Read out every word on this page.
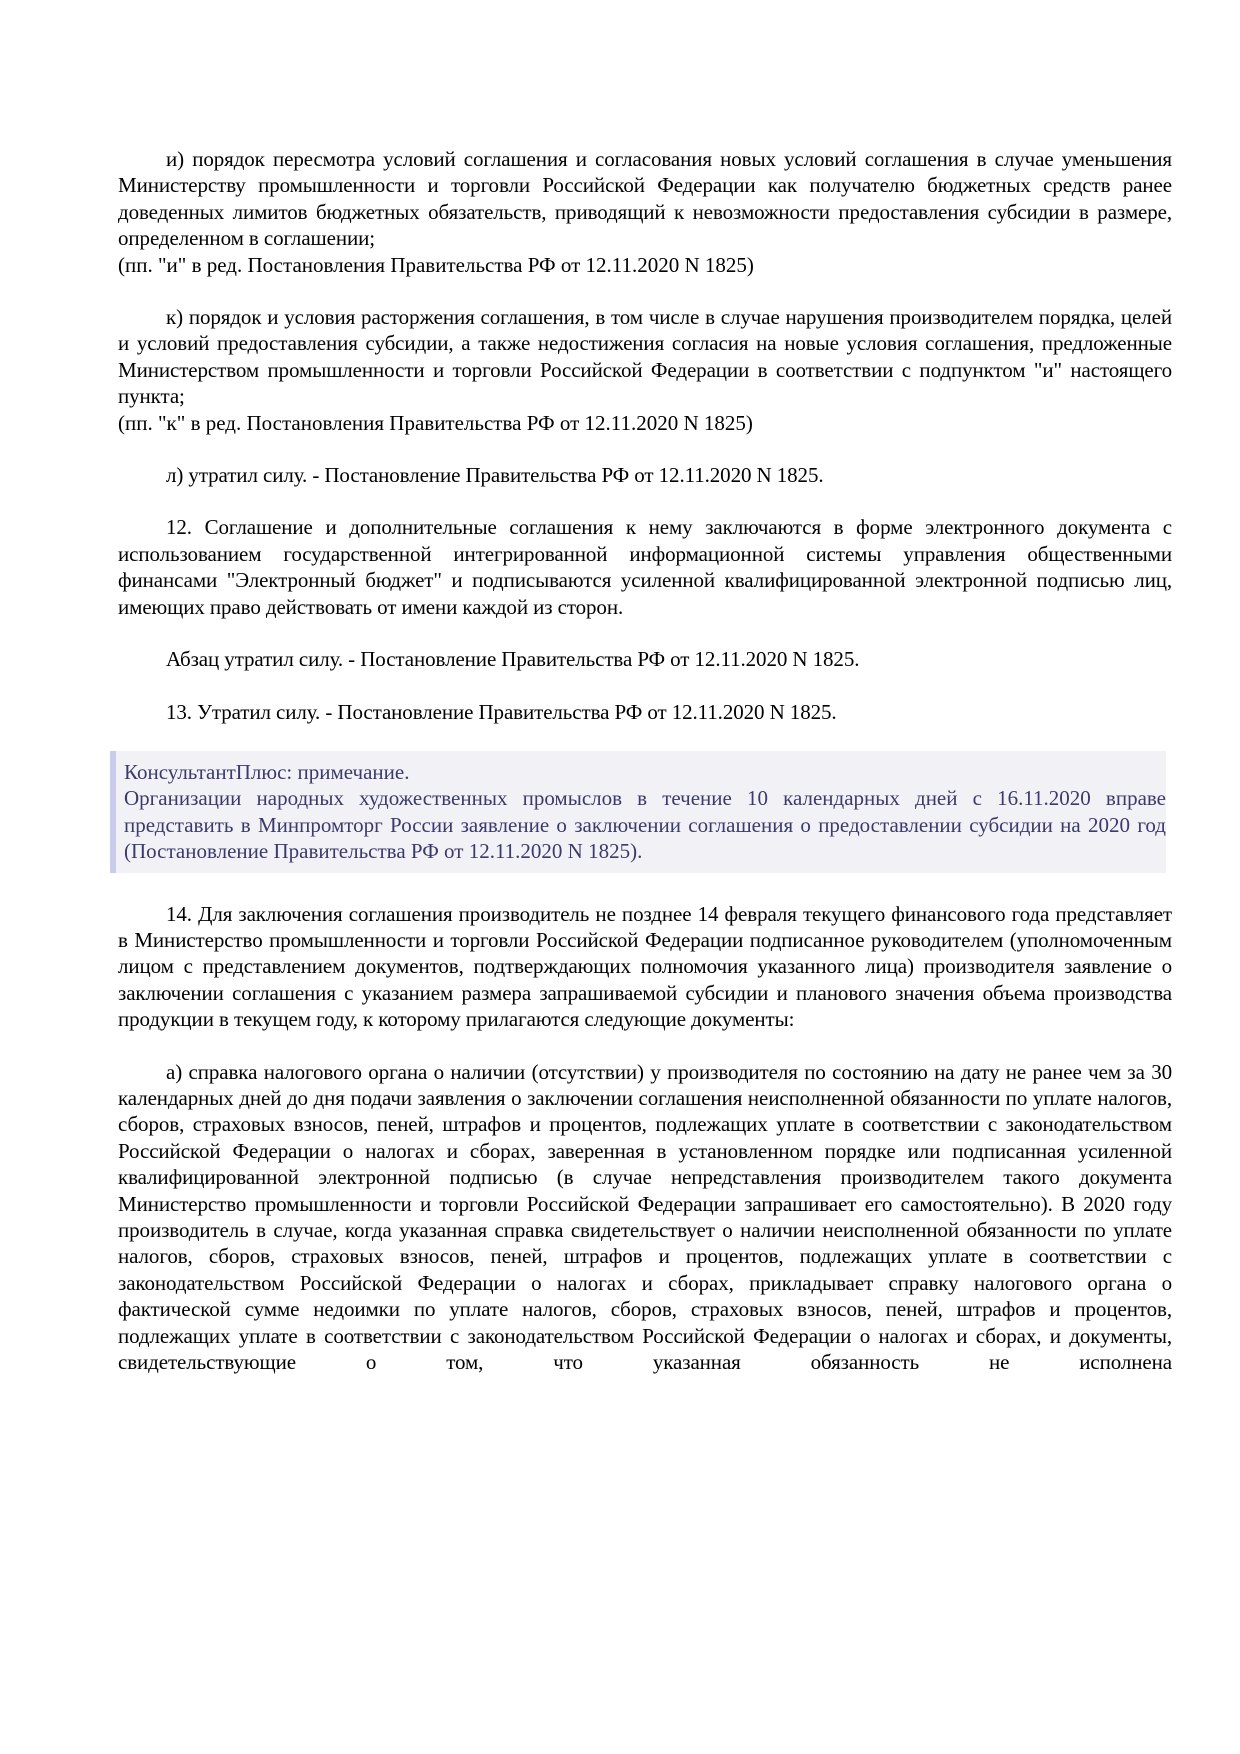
и) порядок пересмотра условий соглашения и согласования новых условий соглашения в случае уменьшения Министерству промышленности и торговли Российской Федерации как получателю бюджетных средств ранее доведенных лимитов бюджетных обязательств, приводящий к невозможности предоставления субсидии в размере, определенном в соглашении;

(пп. "и" в ред. Постановления Правительства РФ от 12.11.2020 N 1825)

к) порядок и условия расторжения соглашения, в том числе в случае нарушения производителем порядка, целей и условий предоставления субсидии, а также недостижения согласия на новые условия соглашения, предложенные Министерством промышленности и торговли Российской Федерации в соответствии с подпунктом "и" настоящего пункта;

(пп. "к" в ред. Постановления Правительства РФ от 12.11.2020 N 1825)

л) утратил силу. - Постановление Правительства РФ от 12.11.2020 N 1825.

12. Соглашение и дополнительные соглашения к нему заключаются в форме электронного документа с использованием государственной интегрированной информационной системы управления общественными финансами "Электронный бюджет" и подписываются усиленной квалифицированной электронной подписью лиц, имеющих право действовать от имени каждой из сторон.

Абзац утратил силу. - Постановление Правительства РФ от 12.11.2020 N 1825.

13. Утратил силу. - Постановление Правительства РФ от 12.11.2020 N 1825.

КонсультантПлюс: примечание.

Организации народных художественных промыслов в течение 10 календарных дней с 16.11.2020 вправе представить в Минпромторг России заявление о заключении соглашения о предоставлении субсидии на 2020 год (Постановление Правительства РФ от 12.11.2020 N 1825).

14. Для заключения соглашения производитель не позднее 14 февраля текущего финансового года представляет в Министерство промышленности и торговли Российской Федерации подписанное руководителем (уполномоченным лицом с представлением документов, подтверждающих полномочия указанного лица) производителя заявление о заключении соглашения с указанием размера запрашиваемой субсидии и планового значения объема производства продукции в текущем году, к которому прилагаются следующие документы:

а) справка налогового органа о наличии (отсутствии) у производителя по состоянию на дату не ранее чем за 30 календарных дней до дня подачи заявления о заключении соглашения неисполненной обязанности по уплате налогов, сборов, страховых взносов, пеней, штрафов и процентов, подлежащих уплате в соответствии с законодательством Российской Федерации о налогах и сборах, заверенная в установленном порядке или подписанная усиленной квалифицированной электронной подписью (в случае непредставления производителем такого документа Министерство промышленности и торговли Российской Федерации запрашивает его самостоятельно). В 2020 году производитель в случае, когда указанная справка свидетельствует о наличии неисполненной обязанности по уплате налогов, сборов, страховых взносов, пеней, штрафов и процентов, подлежащих уплате в соответствии с законодательством Российской Федерации о налогах и сборах, прикладывает справку налогового органа о фактической сумме недоимки по уплате налогов, сборов, страховых взносов, пеней, штрафов и процентов, подлежащих уплате в соответствии с законодательством Российской Федерации о налогах и сборах, и документы, свидетельствующие о том, что указанная обязанность не исполнена
